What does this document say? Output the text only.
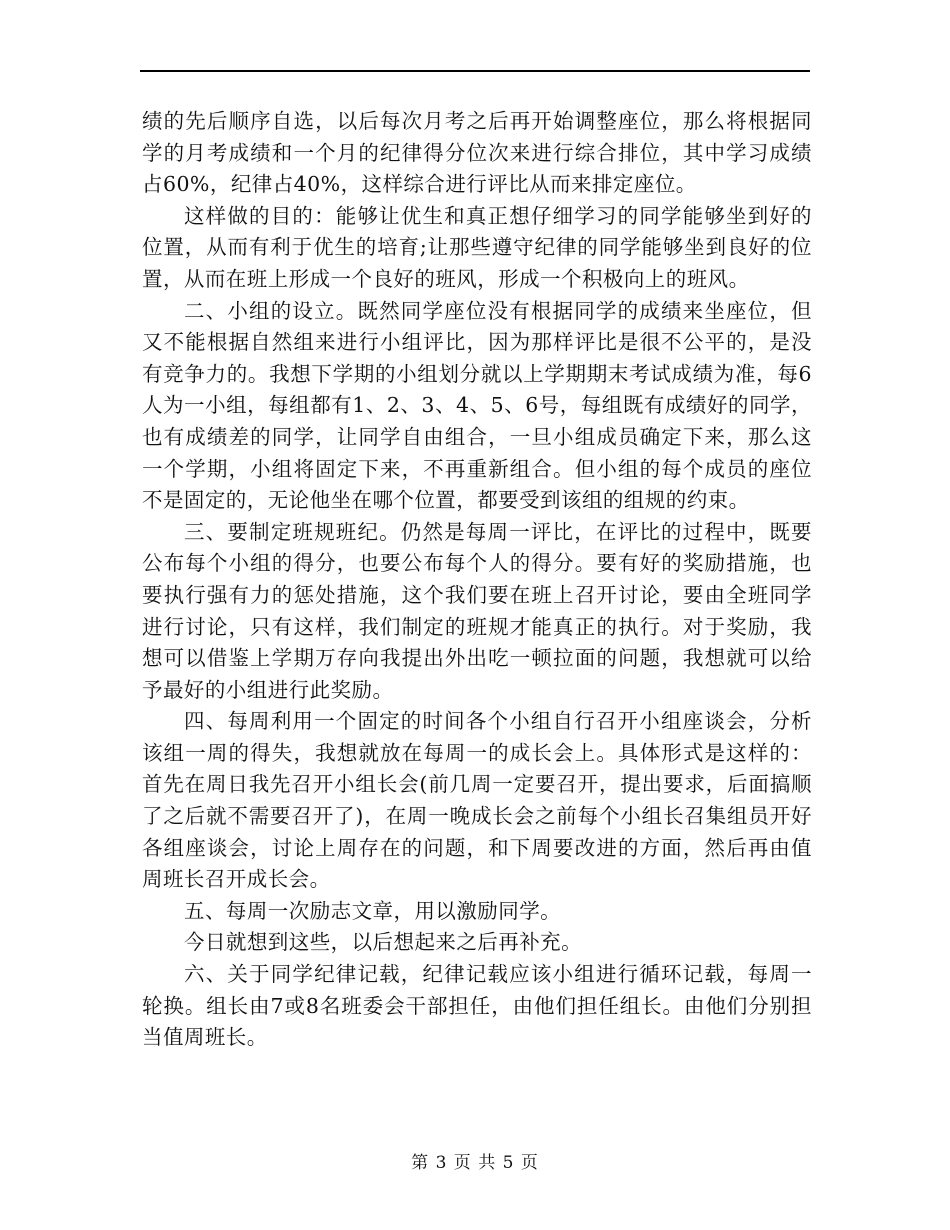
绩的先后顺序自选，以后每次月考之后再开始调整座位，那么将根据同学的月考成绩和一个月的纪律得分位次来进行综合排位，其中学习成绩占60%，纪律占40%，这样综合进行评比从而来排定座位。

这样做的目的：能够让优生和真正想仔细学习的同学能够坐到好的位置，从而有利于优生的培育;让那些遵守纪律的同学能够坐到良好的位置，从而在班上形成一个良好的班风，形成一个积极向上的班风。

二、小组的设立。既然同学座位没有根据同学的成绩来坐座位，但又不能根据自然组来进行小组评比，因为那样评比是很不公平的，是没有竞争力的。我想下学期的小组划分就以上学期期末考试成绩为准，每6人为一小组，每组都有1、2、3、4、5、6号，每组既有成绩好的同学，也有成绩差的同学，让同学自由组合，一旦小组成员确定下来，那么这一个学期，小组将固定下来，不再重新组合。但小组的每个成员的座位不是固定的，无论他坐在哪个位置，都要受到该组的组规的约束。

三、要制定班规班纪。仍然是每周一评比，在评比的过程中，既要公布每个小组的得分，也要公布每个人的得分。要有好的奖励措施，也要执行强有力的惩处措施，这个我们要在班上召开讨论，要由全班同学进行讨论，只有这样，我们制定的班规才能真正的执行。对于奖励，我想可以借鉴上学期万存向我提出外出吃一顿拉面的问题，我想就可以给予最好的小组进行此奖励。

四、每周利用一个固定的时间各个小组自行召开小组座谈会，分析该组一周的得失，我想就放在每周一的成长会上。具体形式是这样的：首先在周日我先召开小组长会(前几周一定要召开，提出要求，后面搞顺了之后就不需要召开了)，在周一晚成长会之前每个小组长召集组员开好各组座谈会，讨论上周存在的问题，和下周要改进的方面，然后再由值周班长召开成长会。

五、每周一次励志文章，用以激励同学。

今日就想到这些，以后想起来之后再补充。

六、关于同学纪律记载，纪律记载应该小组进行循环记载，每周一轮换。组长由7或8名班委会干部担任，由他们担任组长。由他们分别担当值周班长。

第 3 页 共 5 页
